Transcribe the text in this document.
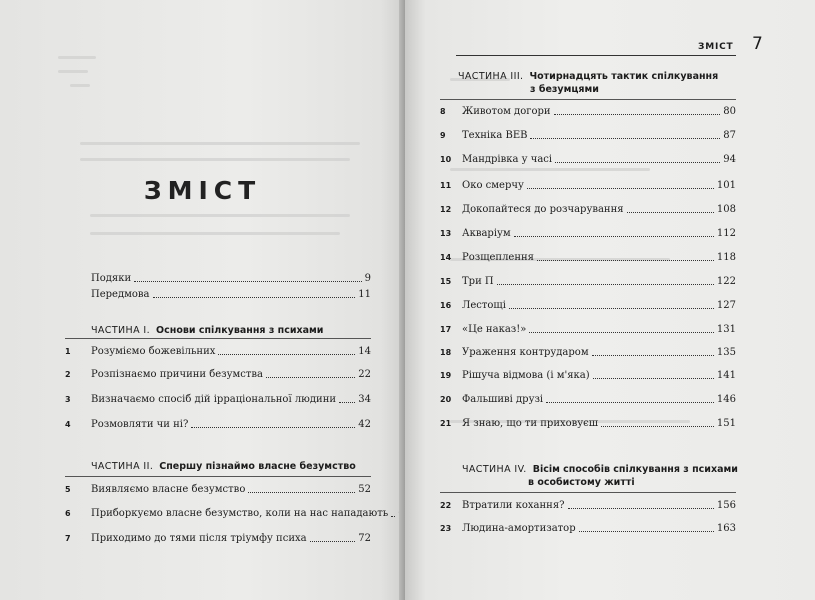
ЗМІСТ
Подяки	9
Передмова	11
ЧАСТИНА I. Основи спілкування з психами
1	Розуміємо божевільних	14
2	Розпізнаємо причини безумства	22
3	Визначаємо спосіб дій ірраціональної людини 34
4	Розмовляти чи ні?	42
ЧАСТИНА II. Спершу пізнаймо власне безумство
5	Виявляємо власне безумство	52
6	Приборкуємо власне безумство, коли на нас нападають
7	Приходимо до тями після тріумфу психа	72
ЗМІСТ 7
ЧАСТИНА III. Чотирнадцять тактик спілкування
з безумцями
8	Животом догори	80
9	Техніка ВЕВ	87
10	Мандрівка у часі	94
11	Око смерчу	101
12	Докопайтеся до розчарування	108
13	Акваріум	112
14	Розщеплення	118
15	Три П	122
16	Лестощі	127
17	«Це наказ!»	131
18	Ураження контрударом	135
19	Рішуча відмова (і м'яка)	141
20	Фальшиві друзі	146
21	Я знаю, що ти приховуєш	151
ЧАСТИНА IV. Вісім способів спілкування з психами
в особистому житті
22	Втратили кохання?	156
23	Людина-амортизатор	163
